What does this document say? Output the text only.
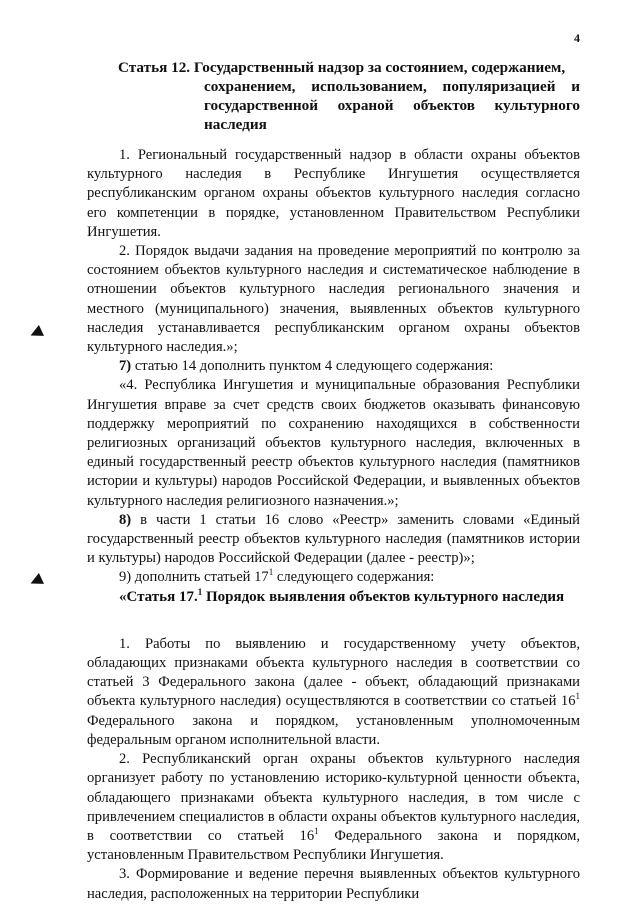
4
Статья 12. Государственный надзор за состоянием, содержанием,
сохранением, использованием, популяризацией и государственной охраной объектов культурного наследия

1. Региональный государственный надзор в области охраны объектов культурного наследия в Республике Ингушетия осуществляется республиканским органом охраны объектов культурного наследия согласно его компетенции в порядке, установленном Правительством Республики Ингушетия.

2. Порядок выдачи задания на проведение мероприятий по контролю за состоянием объектов культурного наследия и систематическое наблюдение в отношении объектов культурного наследия регионального значения и местного (муниципального) значения, выявленных объектов культурного наследия устанавливается республиканским органом охраны объектов культурного наследия.»;

7) статью 14 дополнить пунктом 4 следующего содержания:

«4. Республика Ингушетия и муниципальные образования Республики Ингушетия вправе за счет средств своих бюджетов оказывать финансовую поддержку мероприятий по сохранению находящихся в собственности религиозных организаций объектов культурного наследия, включенных в единый государственный реестр объектов культурного наследия (памятников истории и культуры) народов Российской Федерации, и выявленных объектов культурного наследия религиозного назначения.»;

8) в части 1 статьи 16 слово «Реестр» заменить словами «Единый государственный реестр объектов культурного наследия (памятников истории и культуры) народов Российской Федерации (далее - реестр)»;

9) дополнить статьей $17^1$ следующего содержания:

«Статья 17.$^1$ Порядок выявления объектов культурного наследия

1. Работы по выявлению и государственному учету объектов, обладающих признаками объекта культурного наследия в соответствии со статьей 3 Федерального закона (далее - объект, обладающий признаками объекта культурного наследия) осуществляются в соответствии со статьей $16^1$ Федерального закона и порядком, установленным уполномоченным федеральным органом исполнительной власти.

2. Республиканский орган охраны объектов культурного наследия организует работу по установлению историко-культурной ценности объекта, обладающего признаками объекта культурного наследия, в том числе с привлечением специалистов в области охраны объектов культурного наследия, в соответствии со статьей $16^1$ Федерального закона и порядком, установленным Правительством Республики Ингушетия.

3. Формирование и ведение перечня выявленных объектов культурного наследия, расположенных на территории Республики
